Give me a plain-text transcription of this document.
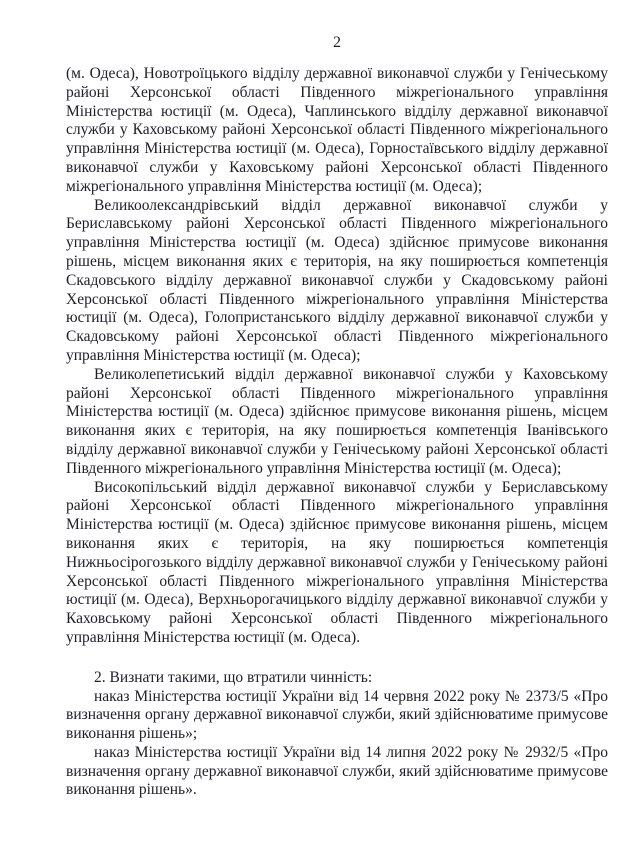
2

(м. Одеса), Новотроїцького відділу державної виконавчої служби у Генічеському районі Херсонської області Південного міжрегіонального управління Міністерства юстиції (м. Одеса), Чаплинського відділу державної виконавчої служби у Каховському районі Херсонської області Південного міжрегіонального управління Міністерства юстиції (м. Одеса), Горностаївського відділу державної виконавчої служби у Каховському районі Херсонської області Південного міжрегіонального управління Міністерства юстиції (м. Одеса);

Великоолександрівський відділ державної виконавчої служби у Бериславському районі Херсонської області Південного міжрегіонального управління Міністерства юстиції (м. Одеса) здійснює примусове виконання рішень, місцем виконання яких є територія, на яку поширюється компетенція Скадовського відділу державної виконавчої служби у Скадовському районі Херсонської області Південного міжрегіонального управління Міністерства юстиції (м. Одеса), Голопристанського відділу державної виконавчої служби у Скадовському районі Херсонської області Південного міжрегіонального управління Міністерства юстиції (м. Одеса);

Великолепетиський відділ державної виконавчої служби у Каховському районі Херсонської області Південного міжрегіонального управління Міністерства юстиції (м. Одеса) здійснює примусове виконання рішень, місцем виконання яких є територія, на яку поширюється компетенція Іванівського відділу державної виконавчої служби у Генічеському районі Херсонської області Південного міжрегіонального управління Міністерства юстиції (м. Одеса);

Високопільський відділ державної виконавчої служби у Бериславському районі Херсонської області Південного міжрегіонального управління Міністерства юстиції (м. Одеса) здійснює примусове виконання рішень, місцем виконання яких є територія, на яку поширюється компетенція Нижньосірогозького відділу державної виконавчої служби у Генічеському районі Херсонської області Південного міжрегіонального управління Міністерства юстиції (м. Одеса), Верхньорогачицького відділу державної виконавчої служби у Каховському районі Херсонської області Південного міжрегіонального управління Міністерства юстиції (м. Одеса).

2. Визнати такими, що втратили чинність:

наказ Міністерства юстиції України від 14 червня 2022 року № 2373/5 «Про визначення органу державної виконавчої служби, який здійснюватиме примусове виконання рішень»;

наказ Міністерства юстиції України від 14 липня 2022 року № 2932/5 «Про визначення органу державної виконавчої служби, який здійснюватиме примусове виконання рішень».
